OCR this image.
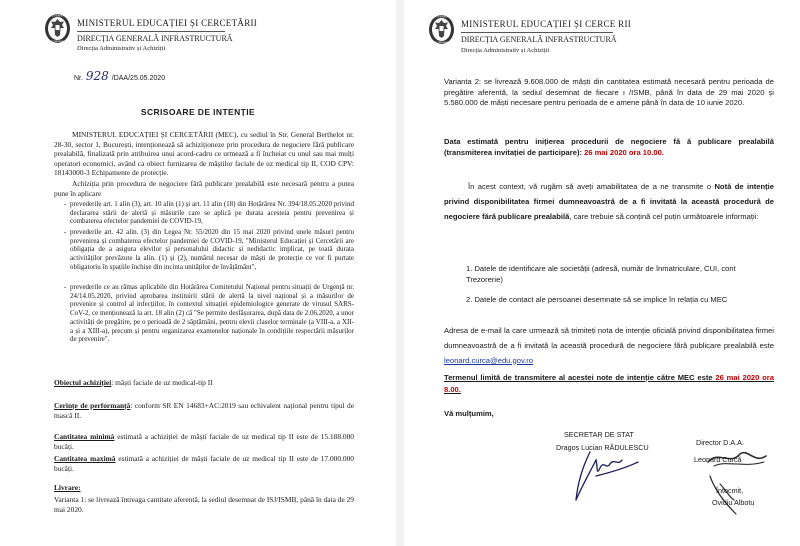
GUVERNUL
ROMÂNIEI
MINISTERUL EDUCAȚIEI ȘI CERCETĂRII
DIRECȚIA GENERALĂ INFRASTRUCTURĂ
Direcția Administrativ și Achiziții
Nr. 928 /DAA/25.05.2020
SCRISOARE DE INTENȚIE
MINISTERUL EDUCAȚIEI ȘI CERCETĂRII (MEC), cu sediul în Str. General Berthelot nr. 28-30, sector 1, București, intenționează să achiziționeze prin procedura de negociere fără publicare prealabilă, finalizată prin atribuirea unui acord-cadru ce urmează a fi încheiat cu unul sau mai mulți operatori economici, având ca obiect furnizarea de măștilor faciale de uz medical tip II, COD CPV: 18143000-3 Echipamente de protecție.
Achiziția prin procedura de negociere fără publicare prealabilă este necesară pentru a putea pune în aplicare
- prevederile art. 1 alin (3), art. 10 alin (1) și art. 11 alin (18) din Hotărârea Nr. 394/18.05.2020 privind declararea stării de alertă și măsurile care se aplică pe durata acesteia pentru prevenirea și combaterea efectelor pandemiei de COVID-19,
- prevederile art. 42 alin. (3) din Legea Nr. 55/2020 din 15 mai 2020 privind unele măsuri pentru prevenirea și combaterea efectelor pandemiei de COVID-19, "Ministerul Educației și Cercetării are obligația de a asigura elevilor și personalului didactic și nedidactic implicat, pe toată durata activităților prevăzute la alin. (1) și (2), numărul necesar de măști de protecție ce vor fi purtate obligatoriu în spațiile închise din incinta unităților de învățământ",
- prevederile ce au rămas aplicabile din Hotărârea Comitetului Național pentru situații de Urgență nr. 24/14.05.2020, privind aprobarea instituirii stării de alertă la nivel național și a măsurilor de prevenire și control al infecțiilor, în contextul situației epidemiologice generate de virusul SARS-CoV-2, ce menționează la art. 18 alin (2) că "Se permite desfășurarea, după data de 2.06.2020, a unor activități de pregătire, pe o perioadă de 2 săptămâni, pentru elevii claselor terminale (a VIII-a, a XII-a și a XIII-a), precum și pentru organizarea examenelor naționale în condițiile respectării măsurilor de prevenire".
Obiectul achiziției: măști faciale de uz medical-tip II
Cerințe de performanță: conform SR EN 14683+AC:2019 sau echivalent național pentru tipul de mască II.
Cantitatea minimă estimată a achiziției de măști faciale de uz medical tip II este de 15.188.000 bucăți.
Cantitatea maximă estimată a achiziției de măști faciale de uz medical tip II este de 17.000.000 bucăți.
Livrare:
Varianta 1: se livrează întreaga cantitate aferentă, la sediul desemnat de ISJ/ISMB, până în data de 29 mai 2020.
GUVERNUL
ROMÂNIEI
MINISTERUL EDUCAȚIEI ȘI CERCE RII
DIRECȚIA GENERALĂ INFRASTRUCTURĂ
Direcția Administrativ și Achiziții
Varianta 2: se livrează 9.608.000 de măști din cantitatea estimată necesară pentru perioada de pregătire aferentă, la sediul desemnat de fiecare ı /ISMB, până în data de 29 mai 2020 și 5.580.000 de măști necesare pentru perioada de e amene până în data de 10 iunie 2020.
Data estimată pentru inițierea procedurii de negociere fă ă publicare prealabilă (transmiterea invitației de participare): 26 mai 2020 ora 10.00.
În acest context, vă rugăm să aveți amabilitatea de a ne transmite o Notă de intenție privind disponibilitatea firmei dumneavoastră de a fi invitată la această procedură de negociere fără publicare prealabilă, care trebuie să conțină cel puțin următoarele informații:
1. Datele de identificare ale societății (adresă, număr de înmatriculare, CUI, cont Trezorerie)
2. Datele de contact ale persoanei desemnate să se implice în relația cu MEC
Adresa de e-mail la care urmează să trimiteți nota de intenție oficială privind disponibilitatea firmei dumneavoastră de a fi invitată la această procedură de negociere fără publicare prealabilă este leonard.curca@edu.gov.ro
Termenul limită de transmitere al acestei note de intenție către MEC este 26 mai 2020 ora 8.00.
Vă mulțumim,
SECRETAR DE STAT
Dragoș Lucian RĂDULESCU
Director D.A.A.
Leonard Curcă
Întocmit,
Ovidiu Albotu
